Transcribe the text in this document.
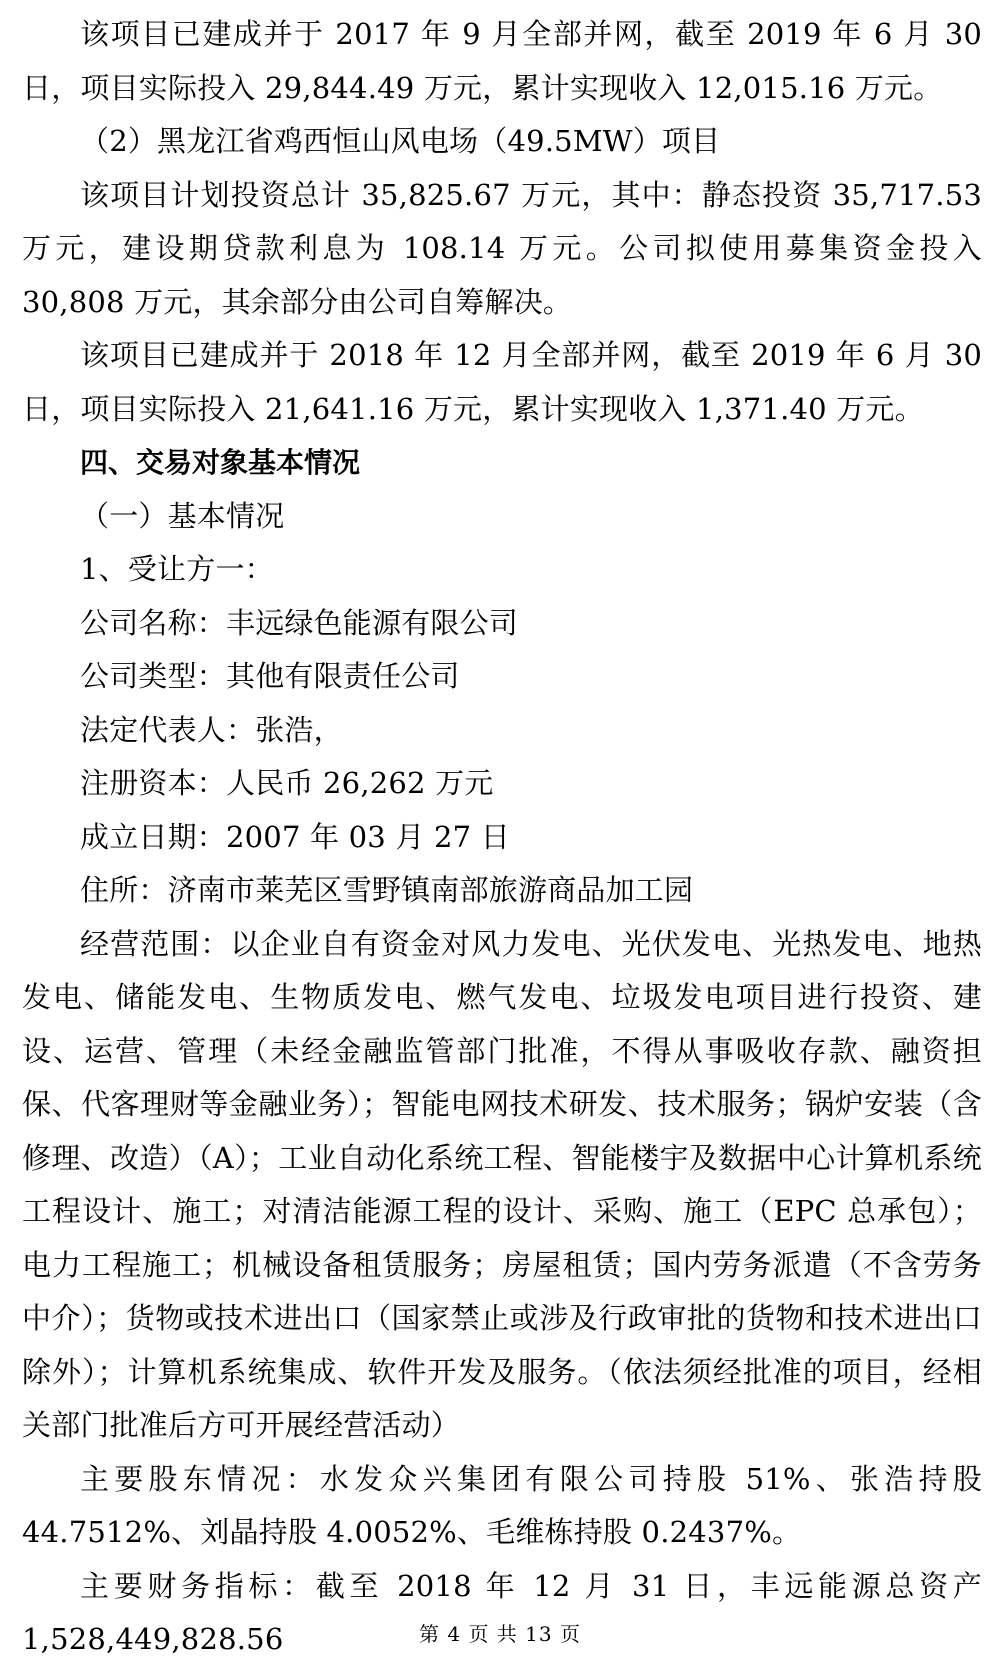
该项目已建成并于 2017 年 9 月全部并网，截至 2019 年 6 月 30 日，项目实际投入 29,844.49 万元，累计实现收入 12,015.16 万元。

（2）黑龙江省鸡西恒山风电场（49.5MW）项目

该项目计划投资总计 35,825.67 万元，其中：静态投资 35,717.53 万元，建设期贷款利息为 108.14 万元。公司拟使用募集资金投入 30,808 万元，其余部分由公司自筹解决。

该项目已建成并于 2018 年 12 月全部并网，截至 2019 年 6 月 30 日，项目实际投入 21,641.16 万元，累计实现收入 1,371.40 万元。

四、交易对象基本情况

（一）基本情况

1、受让方一：

公司名称：丰远绿色能源有限公司

公司类型：其他有限责任公司

法定代表人：张浩，

注册资本：人民币 26,262 万元

成立日期：2007 年 03 月 27 日

住所：济南市莱芜区雪野镇南部旅游商品加工园

经营范围：以企业自有资金对风力发电、光伏发电、光热发电、地热发电、储能发电、生物质发电、燃气发电、垃圾发电项目进行投资、建设、运营、管理（未经金融监管部门批准，不得从事吸收存款、融资担保、代客理财等金融业务）；智能电网技术研发、技术服务；锅炉安装（含修理、改造）（A）；工业自动化系统工程、智能楼宇及数据中心计算机系统工程设计、施工；对清洁能源工程的设计、采购、施工（EPC 总承包）；电力工程施工；机械设备租赁服务；房屋租赁；国内劳务派遣（不含劳务中介）；货物或技术进出口（国家禁止或涉及行政审批的货物和技术进出口除外）；计算机系统集成、软件开发及服务。（依法须经批准的项目，经相关部门批准后方可开展经营活动）

主要股东情况：水发众兴集团有限公司持股 51%、张浩持股 44.7512%、刘晶持股 4.0052%、毛维栋持股 0.2437%。

主要财务指标：截至 2018 年 12 月 31 日，丰远能源总资产 1,528,449,828.56	第 4 页 共 13 页
